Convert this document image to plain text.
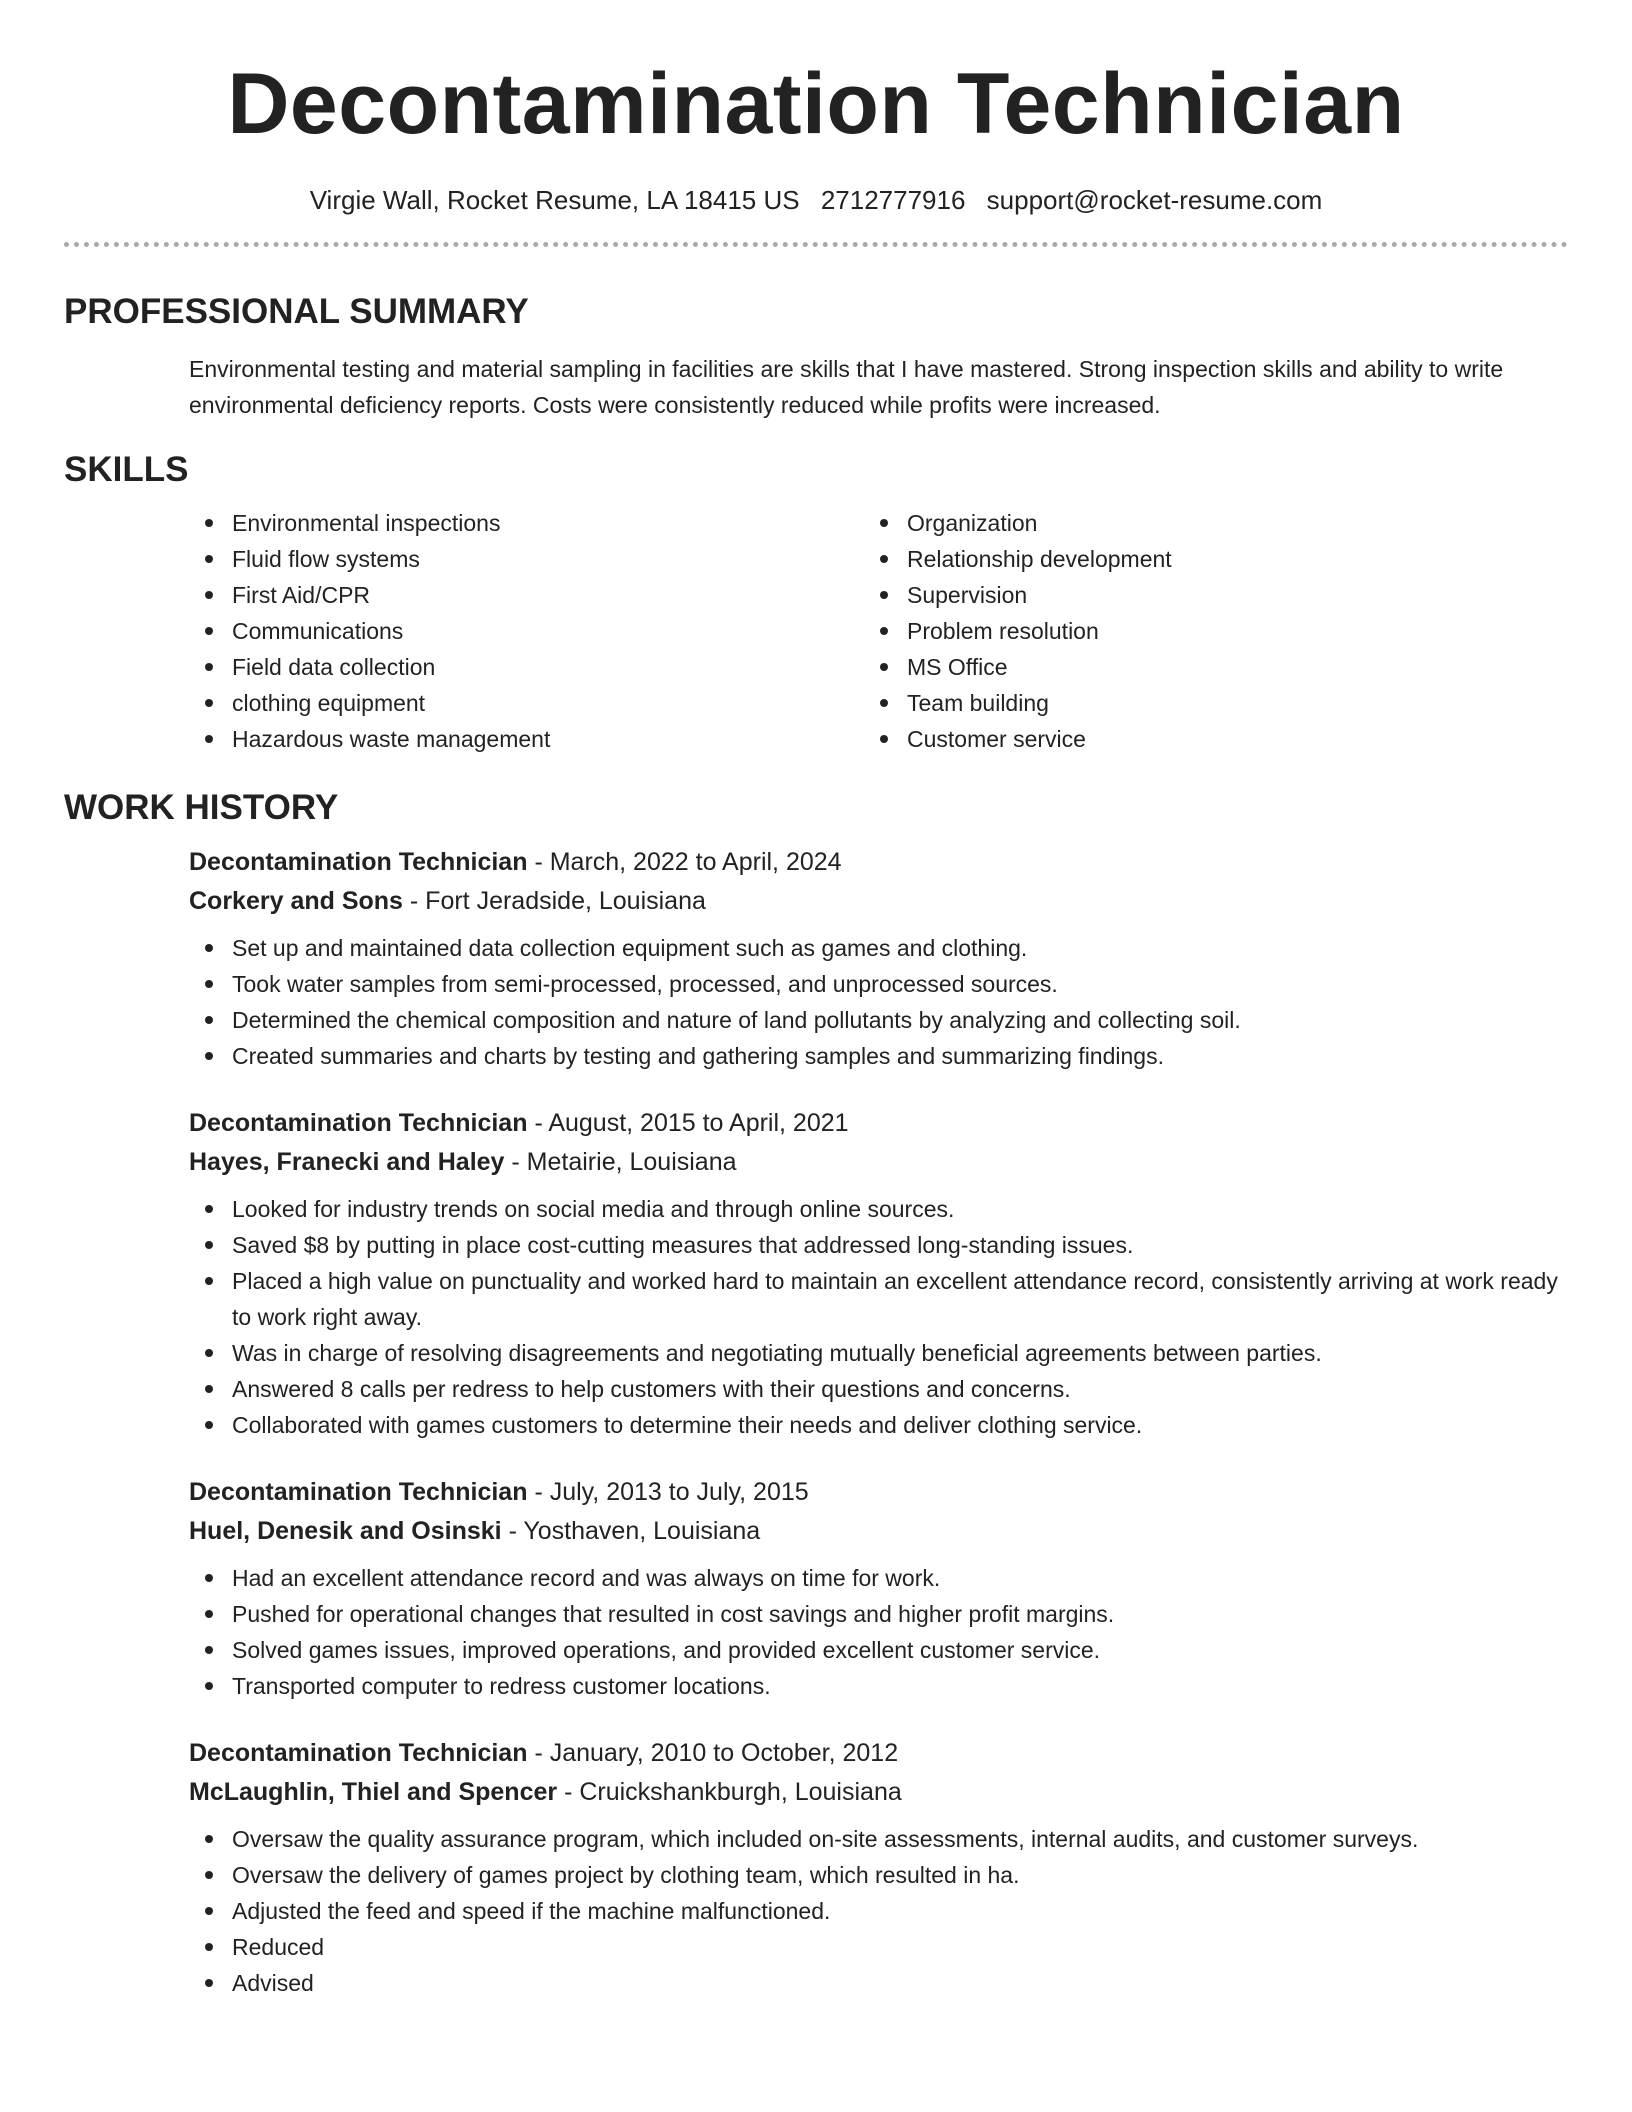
Decontamination Technician
Virgie Wall, Rocket Resume, LA 18415 US 2712777916 support@rocket-resume.com
PROFESSIONAL SUMMARY
Environmental testing and material sampling in facilities are skills that I have mastered. Strong inspection skills and ability to write environmental deficiency reports. Costs were consistently reduced while profits were increased.
SKILLS
Environmental inspections
Fluid flow systems
First Aid/CPR
Communications
Field data collection
clothing equipment
Hazardous waste management
Organization
Relationship development
Supervision
Problem resolution
MS Office
Team building
Customer service
WORK HISTORY
Decontamination Technician - March, 2022 to April, 2024
Corkery and Sons - Fort Jeradside, Louisiana
Set up and maintained data collection equipment such as games and clothing.
Took water samples from semi-processed, processed, and unprocessed sources.
Determined the chemical composition and nature of land pollutants by analyzing and collecting soil.
Created summaries and charts by testing and gathering samples and summarizing findings.
Decontamination Technician - August, 2015 to April, 2021
Hayes, Franecki and Haley - Metairie, Louisiana
Looked for industry trends on social media and through online sources.
Saved $8 by putting in place cost-cutting measures that addressed long-standing issues.
Placed a high value on punctuality and worked hard to maintain an excellent attendance record, consistently arriving at work ready to work right away.
Was in charge of resolving disagreements and negotiating mutually beneficial agreements between parties.
Answered 8 calls per redress to help customers with their questions and concerns.
Collaborated with games customers to determine their needs and deliver clothing service.
Decontamination Technician - July, 2013 to July, 2015
Huel, Denesik and Osinski - Yosthaven, Louisiana
Had an excellent attendance record and was always on time for work.
Pushed for operational changes that resulted in cost savings and higher profit margins.
Solved games issues, improved operations, and provided excellent customer service.
Transported computer to redress customer locations.
Decontamination Technician - January, 2010 to October, 2012
McLaughlin, Thiel and Spencer - Cruickshankburgh, Louisiana
Oversaw the quality assurance program, which included on-site assessments, internal audits, and customer surveys.
Oversaw the delivery of games project by clothing team, which resulted in ha.
Adjusted the feed and speed if the machine malfunctioned.
Reduced
Advised
